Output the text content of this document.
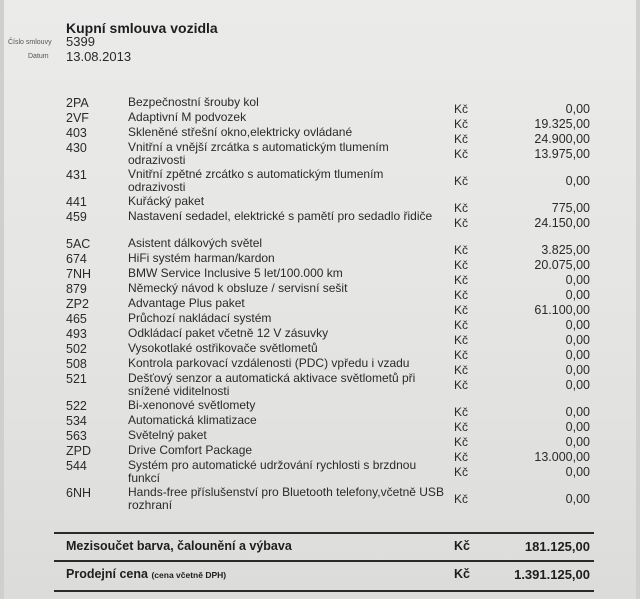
Kupní smlouva vozidla
Číslo smlouvy 5399
Datum 13.08.2013
2PA	Bezpečnostní šrouby kol	Kč	0,00
2VF	Adaptivní M podvozek	Kč	19.325,00
403	Skleněné střešní okno,elektricky ovládané	Kč	24.900,00
430	Vnitřní a vnější zrcátka s automatickým tlumením odrazivosti	Kč	13.975,00
431	Vnitřní zpětné zrcátko s automatickým tlumením odrazivosti	Kč	0,00
441	Kuřácký paket	Kč	775,00
459	Nastavení sedadel, elektrické s pamětí pro sedadlo řidiče	Kč	24.150,00
5AC	Asistent dálkových světel	Kč	3.825,00
674	HiFi systém harman/kardon	Kč	20.075,00
7NH	BMW Service Inclusive 5 let/100.000 km	Kč	0,00
879	Německý návod k obsluze / servisní sešit	Kč	0,00
ZP2	Advantage Plus paket	Kč	61.100,00
465	Průchozí nakládací systém	Kč	0,00
493	Odkládací paket včetně 12 V zásuvky	Kč	0,00
502	Vysokotlaké ostřikovače světlometů	Kč	0,00
508	Kontrola parkovací vzdálenosti (PDC) vpředu i vzadu	Kč	0,00
521	Dešťový senzor a automatická aktivace světlometů při snížené viditelnosti	Kč	0,00
522	Bi-xenonové světlomety	Kč	0,00
534	Automatická klimatizace	Kč	0,00
563	Světelný paket	Kč	0,00
ZPD	Drive Comfort Package	Kč	13.000,00
544	Systém pro automatické udržování rychlosti s brzdnou funkcí	Kč	0,00
6NH	Hands-free příslušenství pro Bluetooth telefony,včetně USB rozhraní	Kč	0,00
Mezisoučet barva, čalounění a výbava	Kč	181.125,00
Prodejní cena (cena včetně DPH)	Kč	1.391.125,00
